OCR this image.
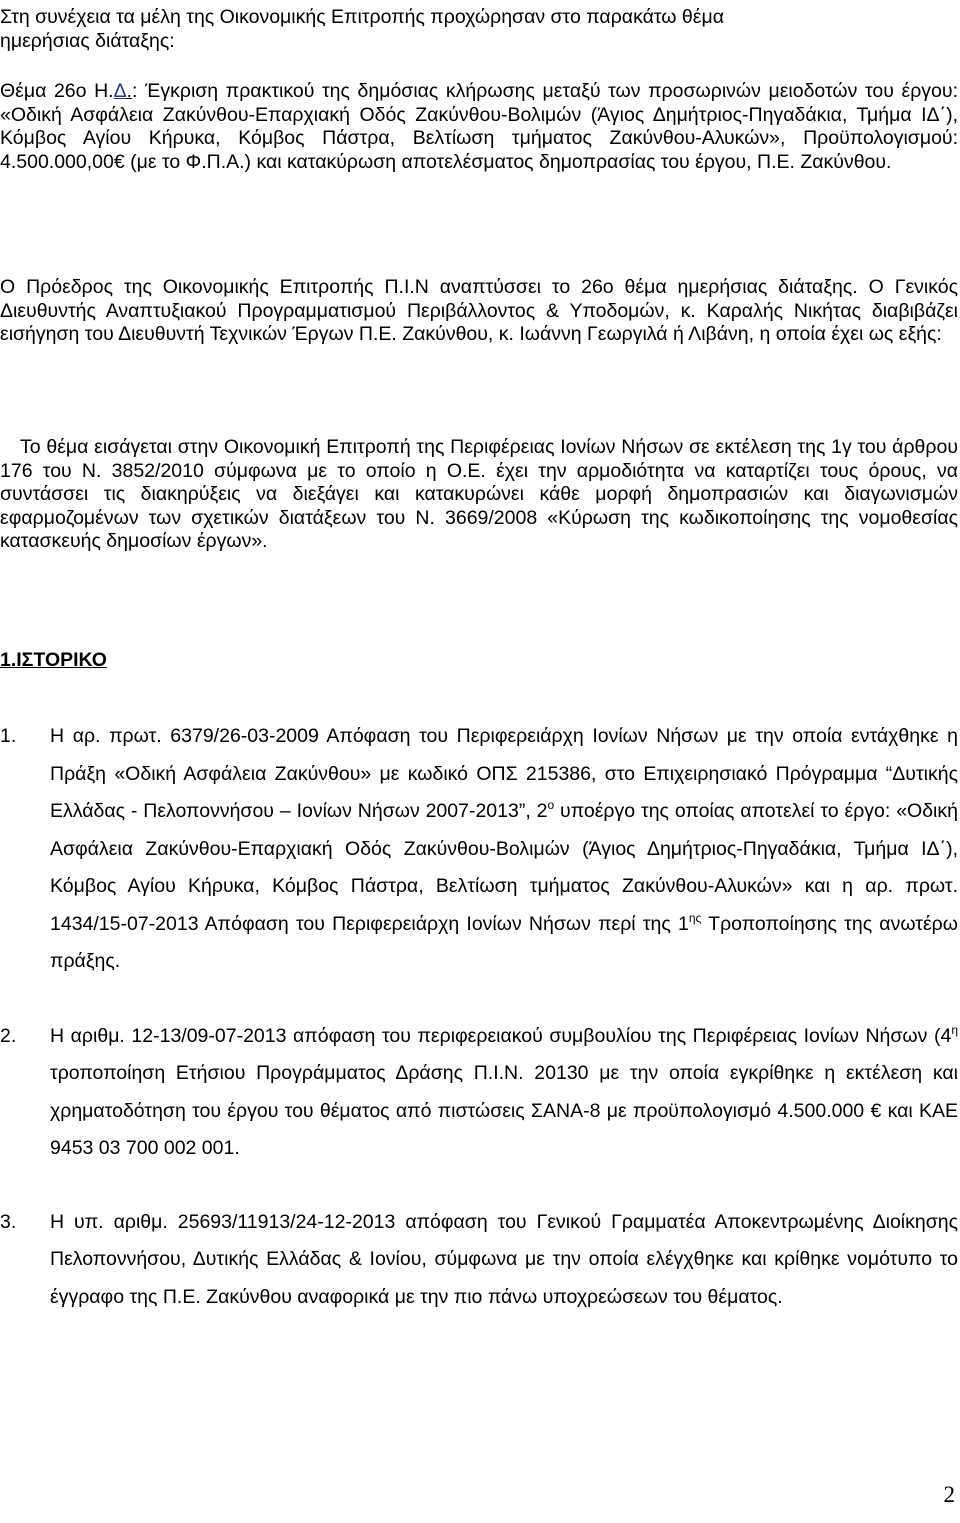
Στη συνέχεια τα μέλη της Οικονομικής Επιτροπής προχώρησαν στο παρακάτω θέμα ημερήσιας διάταξης:

Θέμα 26ο Η.Δ.: Έγκριση πρακτικού της δημόσιας κλήρωσης μεταξύ των προσωρινών μειοδοτών του έργου: «Οδική Ασφάλεια Ζακύνθου-Επαρχιακή Οδός Ζακύνθου-Βολιμών (Άγιος Δημήτριος-Πηγαδάκια, Τμήμα ΙΔ΄), Κόμβος Αγίου Κήρυκα, Κόμβος Πάστρα, Βελτίωση τμήματος Ζακύνθου-Αλυκών», Προϋπολογισμού: 4.500.000,00€ (με το Φ.Π.Α.) και κατακύρωση αποτελέσματος δημοπρασίας του έργου, Π.Ε. Ζακύνθου.

Ο Πρόεδρος της Οικονομικής Επιτροπής Π.Ι.Ν αναπτύσσει το 26ο θέμα ημερήσιας διάταξης. Ο Γενικός Διευθυντής Αναπτυξιακού Προγραμματισμού Περιβάλλοντος & Υποδομών, κ. Καραλής Νικήτας διαβιβάζει εισήγηση του Διευθυντή Τεχνικών Έργων Π.Ε. Ζακύνθου, κ. Ιωάννη Γεωργιλά ή Λιβάνη, η οποία έχει ως εξής:

Το θέμα εισάγεται στην Οικονομική Επιτροπή της Περιφέρειας Ιονίων Νήσων σε εκτέλεση της 1γ του άρθρου 176 του Ν. 3852/2010 σύμφωνα με το οποίο η Ο.Ε. έχει την αρμοδιότητα να καταρτίζει τους όρους, να συντάσσει τις διακηρύξεις να διεξάγει και κατακυρώνει κάθε μορφή δημοπρασιών και διαγωνισμών εφαρμοζομένων των σχετικών διατάξεων του Ν. 3669/2008 «Κύρωση της κωδικοποίησης της νομοθεσίας κατασκευής δημοσίων έργων».

1.ΙΣΤΟΡΙΚΟ

1. Η αρ. πρωτ. 6379/26-03-2009 Απόφαση του Περιφερειάρχη Ιονίων Νήσων με την οποία εντάχθηκε η Πράξη «Οδική Ασφάλεια Ζακύνθου» με κωδικό ΟΠΣ 215386, στο Επιχειρησιακό Πρόγραμμα “Δυτικής Ελλάδας - Πελοποννήσου – Ιονίων Νήσων 2007-2013”, $2^o$ υποέργο της οποίας αποτελεί το έργο: «Οδική Ασφάλεια Ζακύνθου-Επαρχιακή Οδός Ζακύνθου-Βολιμών (Άγιος Δημήτριος-Πηγαδάκια, Τμήμα ΙΔ΄), Κόμβος Αγίου Κήρυκα, Κόμβος Πάστρα, Βελτίωση τμήματος Ζακύνθου-Αλυκών» και η αρ. πρωτ. 1434/15-07-2013 Απόφαση του Περιφερειάρχη Ιονίων Νήσων περί της $1^{\eta\varsigma}$ Τροποποίησης της ανωτέρω πράξης.
2. Η αριθμ. 12-13/09-07-2013 απόφαση του περιφερειακού συμβουλίου της Περιφέρειας Ιονίων Νήσων ($4^\eta$ τροποποίηση Ετήσιου Προγράμματος Δράσης Π.Ι.Ν. 20130 με την οποία εγκρίθηκε η εκτέλεση και χρηματοδότηση του έργου του θέματος από πιστώσεις ΣΑΝΑ-8 με προϋπολογισμό 4.500.000 € και ΚΑΕ 9453 03 700 002 001.
3. Η υπ. αριθμ. 25693/11913/24-12-2013 απόφαση του Γενικού Γραμματέα Αποκεντρωμένης Διοίκησης Πελοποννήσου, Δυτικής Ελλάδας & Ιονίου, σύμφωνα με την οποία ελέγχθηκε και κρίθηκε νομότυπο το έγγραφο της Π.Ε. Ζακύνθου αναφορικά με την πιο πάνω υποχρεώσεων του θέματος.
2
